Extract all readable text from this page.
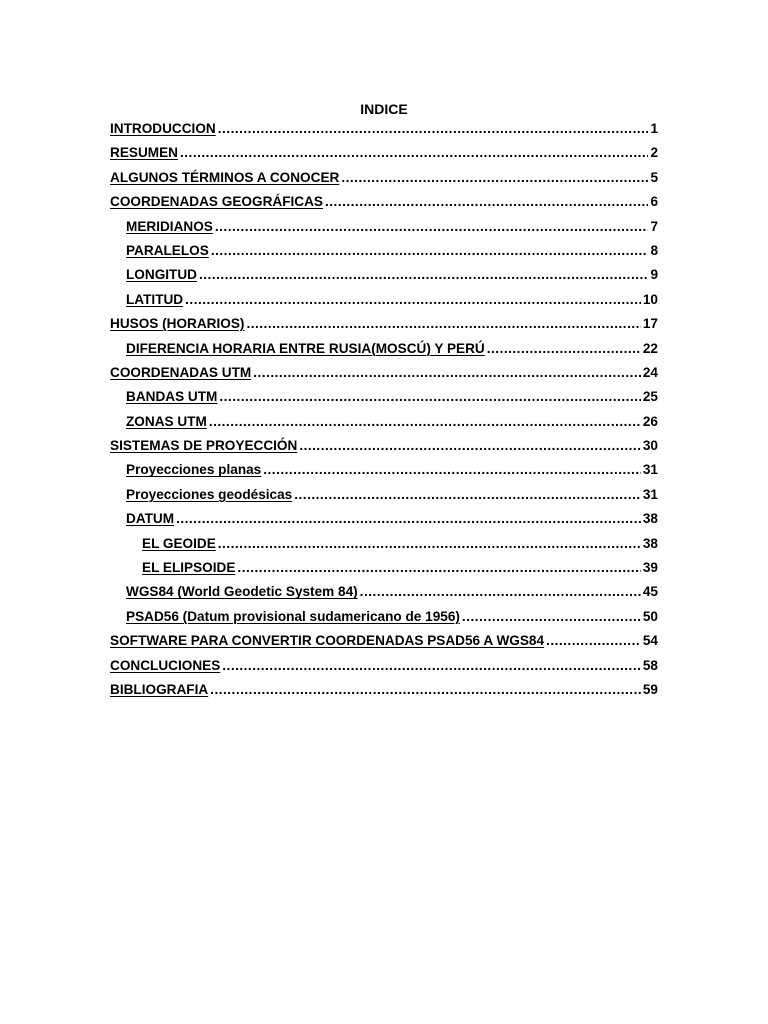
INDICE
INTRODUCCION .....	1
RESUMEN .....	2
ALGUNOS TÉRMINOS A CONOCER .....	5
COORDENADAS GEOGRÁFICAS .....	6
MERIDIANOS .....	7
PARALELOS .....	8
LONGITUD .....	9
LATITUD .....	10
HUSOS (HORARIOS) .....	17
DIFERENCIA HORARIA ENTRE RUSIA(MOSCÚ) Y PERÚ .....	22
COORDENADAS UTM .....	24
BANDAS UTM .....	25
ZONAS UTM .....	26
SISTEMAS DE PROYECCIÓN .....	30
Proyecciones planas .....	31
Proyecciones geodésicas .....	31
DATUM .....	38
EL GEOIDE .....	38
EL ELIPSOIDE .....	39
WGS84 (World Geodetic System 84) .....	45
PSAD56 (Datum provisional sudamericano de 1956) .....	50
SOFTWARE PARA CONVERTIR COORDENADAS PSAD56 A WGS84 .....	54
CONCLUCIONES .....	58
BIBLIOGRAFIA .....	59
